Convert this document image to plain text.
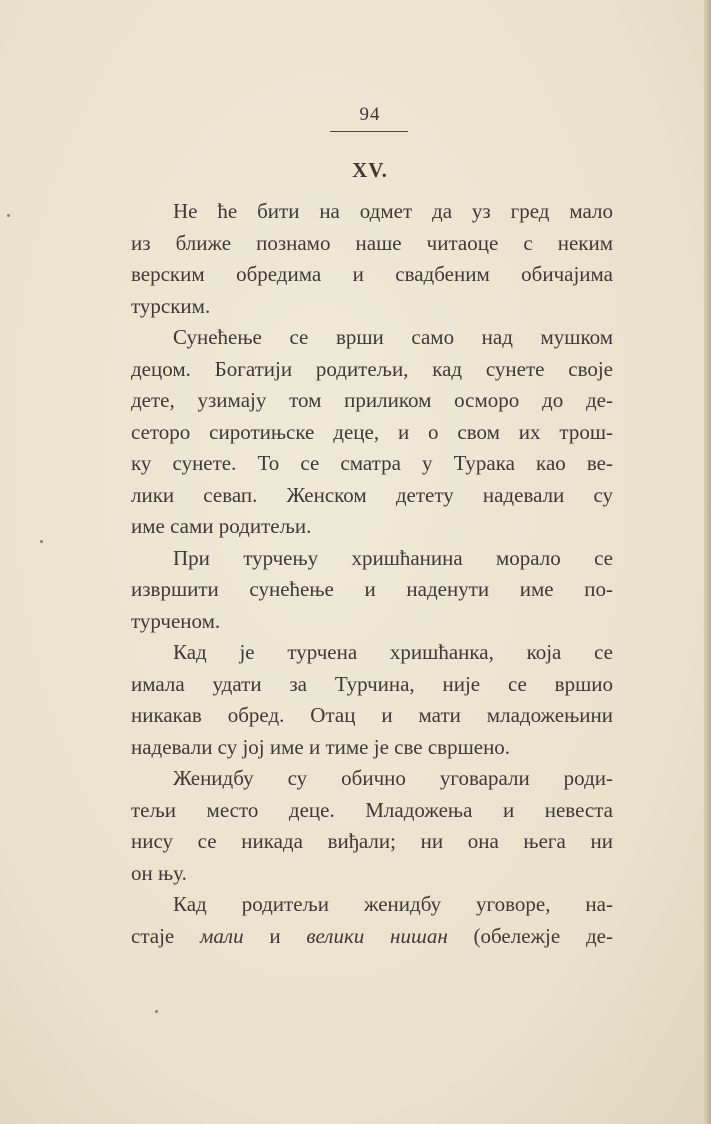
94
XV.
Не ће бити на одмет да уз гред мало
из ближе познамо наше читаоце с неким
верским обредима и свадбеним обичајима
турским.
Сунећење се врши само над мушком
децом. Богатији родитељи, кад сунете своје
дете, узимају том приликом осморо до де-
сеторо сиротињске деце, и о свом их трош-
ку сунете. То се сматра у Турака као ве-
лики севап. Женском детету надевали су
име сами родитељи.
При турчењу хришћанина морало се
извршити сунећење и наденути име по-
турченом.
Кад је турчена хришћанка, која се
имала удати за Турчина, није се вршио
никакав обред. Отац и мати младожењини
надевали су јој име и тиме је све свршено.
Женидбу су обично уговарали роди-
тељи место деце. Младожења и невеста
нису се никада виђали; ни она њега ни
он њу.
Кад родитељи женидбу уговоре, на-
стаје мали и велики нишан (обележје де-
